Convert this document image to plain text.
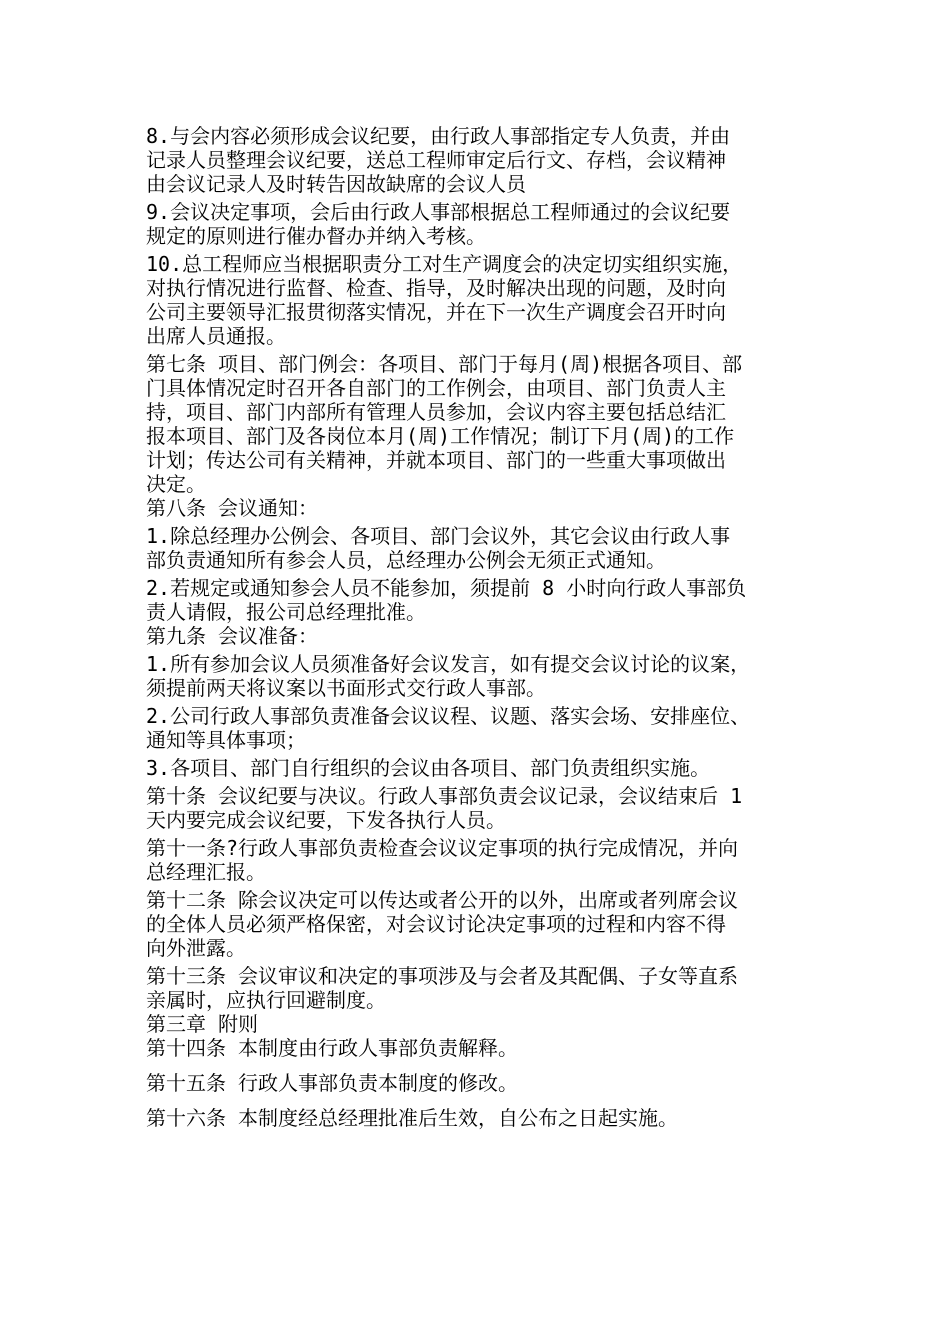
8.与会内容必须形成会议纪要，由行政人事部指定专人负责，并由
记录人员整理会议纪要，送总工程师审定后行文、存档，会议精神
由会议记录人及时转告因故缺席的会议人员
9.会议决定事项，会后由行政人事部根据总工程师通过的会议纪要
规定的原则进行催办督办并纳入考核。
10.总工程师应当根据职责分工对生产调度会的决定切实组织实施，
对执行情况进行监督、检查、指导，及时解决出现的问题，及时向
公司主要领导汇报贯彻落实情况，并在下一次生产调度会召开时向
出席人员通报。
第七条 项目、部门例会：各项目、部门于每月(周)根据各项目、部
门具体情况定时召开各自部门的工作例会，由项目、部门负责人主
持，项目、部门内部所有管理人员参加，会议内容主要包括总结汇
报本项目、部门及各岗位本月(周)工作情况；制订下月(周)的工作
计划；传达公司有关精神，并就本项目、部门的一些重大事项做出
决定。
第八条 会议通知：
1.除总经理办公例会、各项目、部门会议外，其它会议由行政人事
部负责通知所有参会人员，总经理办公例会无须正式通知。
2.若规定或通知参会人员不能参加，须提前 8 小时向行政人事部负
责人请假，报公司总经理批准。
第九条 会议准备：
1.所有参加会议人员须准备好会议发言，如有提交会议讨论的议案，
须提前两天将议案以书面形式交行政人事部。
2.公司行政人事部负责准备会议议程、议题、落实会场、安排座位、
通知等具体事项；
3.各项目、部门自行组织的会议由各项目、部门负责组织实施。
第十条 会议纪要与决议。行政人事部负责会议记录，会议结束后 1
天内要完成会议纪要，下发各执行人员。
第十一条?行政人事部负责检查会议议定事项的执行完成情况，并向
总经理汇报。
第十二条 除会议决定可以传达或者公开的以外，出席或者列席会议
的全体人员必须严格保密，对会议讨论决定事项的过程和内容不得
向外泄露。
第十三条 会议审议和决定的事项涉及与会者及其配偶、子女等直系
亲属时，应执行回避制度。
第三章 附则
第十四条 本制度由行政人事部负责解释。
第十五条 行政人事部负责本制度的修改。
第十六条 本制度经总经理批准后生效，自公布之日起实施。
